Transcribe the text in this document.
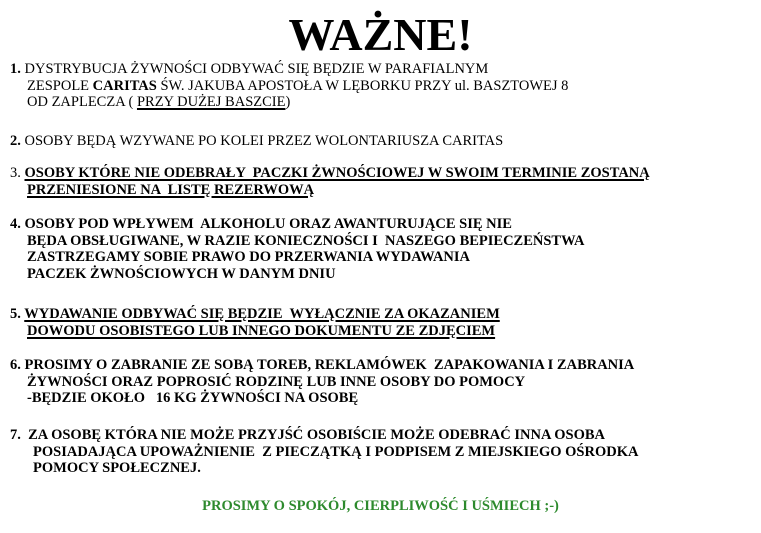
WAŻNE!
1. DYSTRYBUCJA ŻYWNOŚCI ODBYWAĆ SIĘ BĘDZIE W PARAFIALNYM
ZESPOLE CARITAS ŚW. JAKUBA APOSTOŁA W LĘBORKU PRZY ul. BASZTOWEJ 8
OD ZAPLECZA ( PRZY DUŻEJ BASZCIE)
2. OSOBY BĘDĄ WZYWANE PO KOLEI PRZEZ WOLONTARIUSZA CARITAS
3. OSOBY KTÓRE NIE ODEBRAŁY  PACZKI ŻWNOŚCIOWEJ W SWOIM TERMINIE ZOSTANĄ
PRZENIESIONE NA  LISTĘ REZERWOWĄ
4. OSOBY POD WPŁYWEM  ALKOHOLU ORAZ AWANTURUJĄCE SIĘ NIE
BĘDA OBSŁUGIWANE, W RAZIE KONIECZNOŚCI I  NASZEGO BEPIECZEŃSTWA
ZASTRZEGAMY SOBIE PRAWO DO PRZERWANIA WYDAWANIA
PACZEK ŻWNOŚCIOWYCH W DANYM DNIU
5. WYDAWANIE ODBYWAĆ SIĘ BĘDZIE  WYŁĄCZNIE ZA OKAZANIEM
DOWODU OSOBISTEGO LUB INNEGO DOKUMENTU ZE ZDJĘCIEM
6. PROSIMY O ZABRANIE ZE SOBĄ TOREB, REKLAMÓWEK  ZAPAKOWANIA I ZABRANIA
ŻYWNOŚCI ORAZ POPROSIĆ RODZINĘ LUB INNE OSOBY DO POMOCY
-BĘDZIE OKOŁO   16 KG ŻYWNOŚCI NA OSOBĘ
7. ZA OSOBĘ KTÓRA NIE MOŻE PRZYJŚĆ OSOBIŚCIE MOŻE ODEBRAĆ INNA OSOBA
POSIADAJĄCA UPOWAŻNIENIE  Z PIECZĄTKĄ I PODPISEM Z MIEJSKIEGO OŚRODKA
POMOCY SPOŁECZNEJ.
PROSIMY O SPOKÓJ, CIERPLIWOŚĆ I UŚMIECH ;-)
